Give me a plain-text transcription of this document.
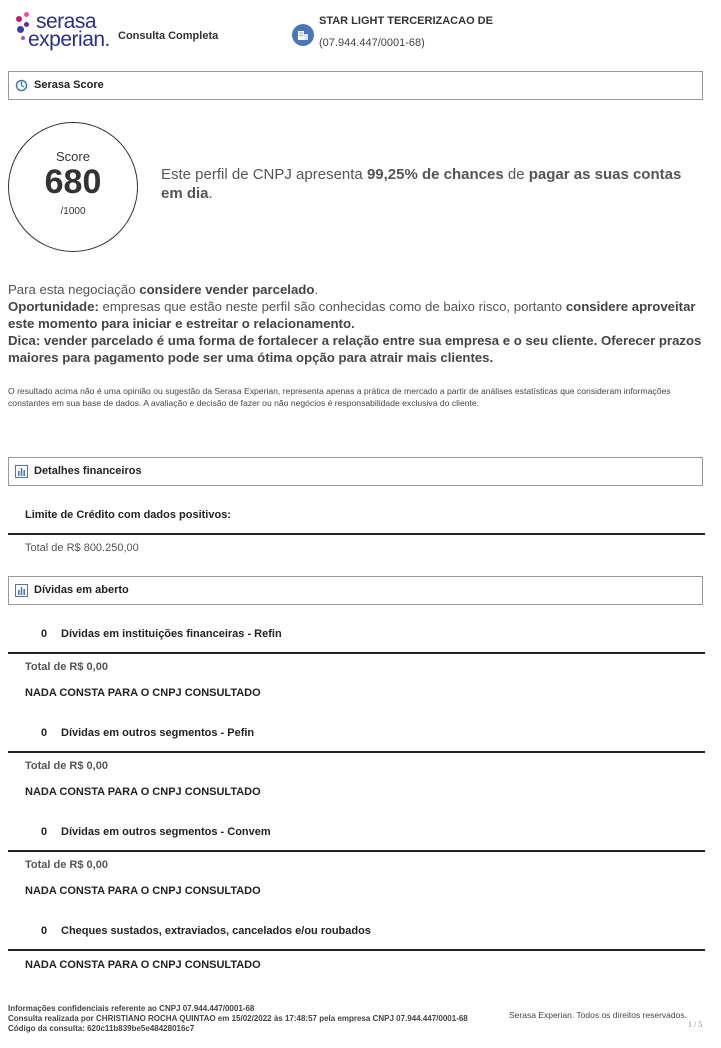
serasa
experian. Consulta Completa
STAR LIGHT TERCERIZACAO DE
(07.944.447/0001-68)
Serasa Score
Score
680
/1000
Este perfil de CNPJ apresenta 99,25% de chances de pagar as suas contas em dia.
Para esta negociação considere vender parcelado.
Oportunidade: empresas que estão neste perfil são conhecidas como de baixo risco, portanto considere aproveitar este momento para iniciar e estreitar o relacionamento.
Dica: vender parcelado é uma forma de fortalecer a relação entre sua empresa e o seu cliente. Oferecer prazos maiores para pagamento pode ser uma ótima opção para atrair mais clientes.
O resultado acima não é uma opinião ou sugestão da Serasa Experian, representa apenas a prática de mercado a partir de análises estatísticas que consideram informações constantes em sua base de dados. A avaliação e decisão de fazer ou não negócios é responsabilidade exclusiva do cliente.
Detalhes financeiros
Limite de Crédito com dados positivos:
Total de R$ 800.250,00
Dívidas em aberto
0 Dívidas em instituições financeiras - Refin
Total de R$ 0,00
NADA CONSTA PARA O CNPJ CONSULTADO
0 Dívidas em outros segmentos - Pefin
Total de R$ 0,00
NADA CONSTA PARA O CNPJ CONSULTADO
0 Dívidas em outros segmentos - Convem
Total de R$ 0,00
NADA CONSTA PARA O CNPJ CONSULTADO
0 Cheques sustados, extraviados, cancelados e/ou roubados
NADA CONSTA PARA O CNPJ CONSULTADO
Informações confidenciais referente ao CNPJ 07.944.447/0001-68
Consulta realizada por CHRISTIANO ROCHA QUINTAO em 15/02/2022 às 17:48:57 pela empresa CNPJ 07.944.447/0001-68
Código da consulta: 620c11b839be5e48428016c7
Serasa Experian. Todos os direitos reservados.
1 / 5
